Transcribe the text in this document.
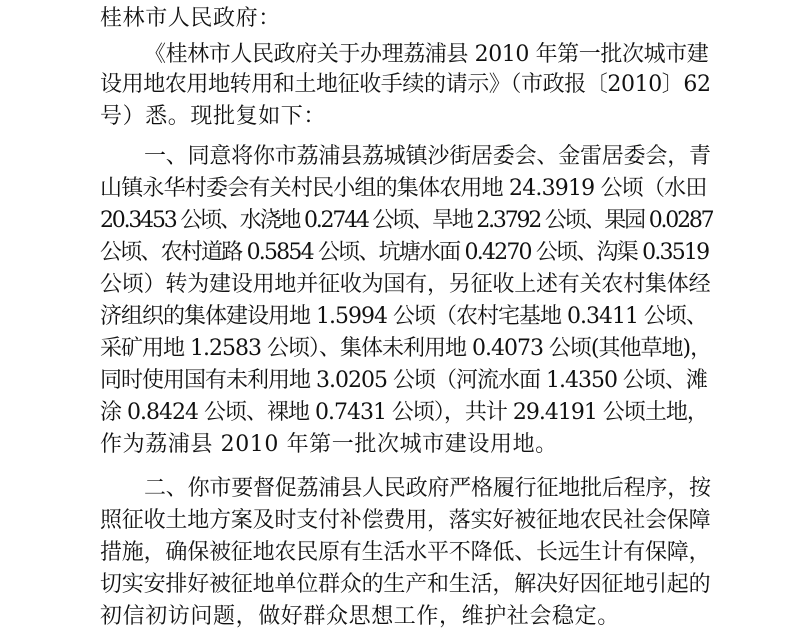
桂林市人民政府：
《桂林市人民政府关于办理荔浦县 2010 年第一批次城市建
设用地农用地转用和土地征收手续的请示》（市政报〔2010〕62
号）悉。现批复如下：
一、同意将你市荔浦县荔城镇沙街居委会、金雷居委会，青
山镇永华村委会有关村民小组的集体农用地 24.3919 公顷（水田
20.3453 公顷、水浇地 0.2744 公顷、旱地 2.3792 公顷、果园 0.0287
公顷、农村道路 0.5854 公顷、坑塘水面 0.4270 公顷、沟渠 0.3519
公顷）转为建设用地并征收为国有，另征收上述有关农村集体经
济组织的集体建设用地 1.5994 公顷（农村宅基地 0.3411 公顷、
采矿用地 1.2583 公顷）、集体未利用地 0.4073 公顷(其他草地)，
同时使用国有未利用地 3.0205 公顷（河流水面 1.4350 公顷、滩
涂 0.8424 公顷、裸地 0.7431 公顷），共计 29.4191 公顷土地，
作为荔浦县 2010 年第一批次城市建设用地。
二、你市要督促荔浦县人民政府严格履行征地批后程序，按
照征收土地方案及时支付补偿费用，落实好被征地农民社会保障
措施，确保被征地农民原有生活水平不降低、长远生计有保障，
切实安排好被征地单位群众的生产和生活，解决好因征地引起的
初信初访问题，做好群众思想工作，维护社会稳定。
